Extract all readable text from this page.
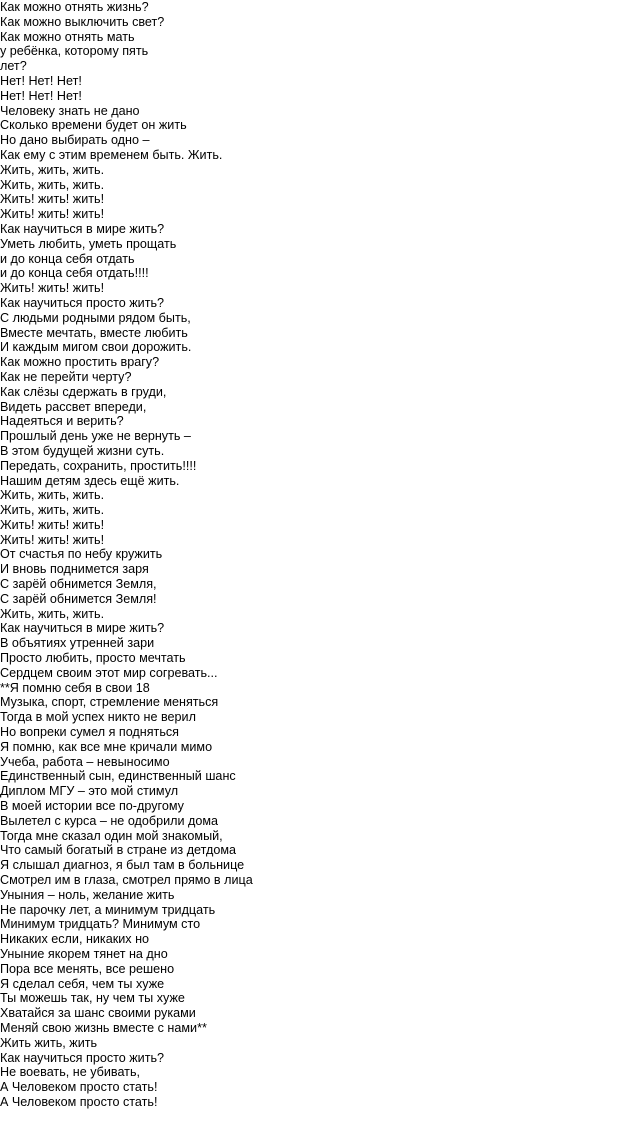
Как можно отнять жизнь?
Как можно выключить свет?
Как можно отнять мать
у ребёнка, которому пять
лет?
Нет! Нет! Нет!
Нет! Нет! Нет!
Человеку знать не дано
Сколько времени будет он жить
Но дано выбирать одно –
Как ему с этим временем быть. Жить.
Жить, жить, жить.
Жить, жить, жить.
Жить! жить! жить!
Жить! жить! жить!
Как научиться в мире жить?
Уметь любить, уметь прощать
и до конца себя отдать
и до конца себя отдать!!!!
Жить! жить! жить!
Как научиться просто жить?
С людьми родными рядом быть,
Вместе мечтать, вместе любить
И каждым мигом свои дорожить.
Как можно простить врагу?
Как не перейти черту?
Как слёзы сдержать в груди,
Видеть рассвет впереди,
Надеяться и верить?
Прошлый день уже не вернуть –
В этом будущей жизни суть.
Передать, сохранить, простить!!!!
Нашим детям здесь ещё жить.
Жить, жить, жить.
Жить, жить, жить.
Жить! жить! жить!
Жить! жить! жить!
От счастья по небу кружить
И вновь поднимется заря
С зарёй обнимется Земля,
С зарёй обнимется Земля!
Жить, жить, жить.
Как научиться в мире жить?
В объятиях утренней зари
Просто любить, просто мечтать
Сердцем своим этот мир согревать...
**Я помню себя в свои 18
Музыка, спорт, стремление меняться
Тогда в мой успех никто не верил
Но вопреки сумел я подняться
Я помню, как все мне кричали мимо
Учеба, работа – невыносимо
Единственный сын, единственный шанс
Диплом МГУ – это мой стимул
В моей истории все по-другому
Вылетел с курса – не одобрили дома
Тогда мне сказал один мой знакомый,
Что самый богатый в стране из детдома
Я слышал диагноз, я был там в больнице
Смотрел им в глаза, смотрел прямо в лица
Уныния – ноль, желание жить
Не парочку лет, а минимум тридцать
Минимум тридцать? Минимум сто
Никаких если, никаких но
Уныние якорем тянет на дно
Пора все менять, все решено
Я сделал себя, чем ты хуже
Ты можешь так, ну чем ты хуже
Хватайся за шанс своими руками
Меняй свою жизнь вместе с нами**
Жить жить, жить
Как научиться просто жить?
Не воевать, не убивать,
А Человеком просто стать!
А Человеком просто стать!
